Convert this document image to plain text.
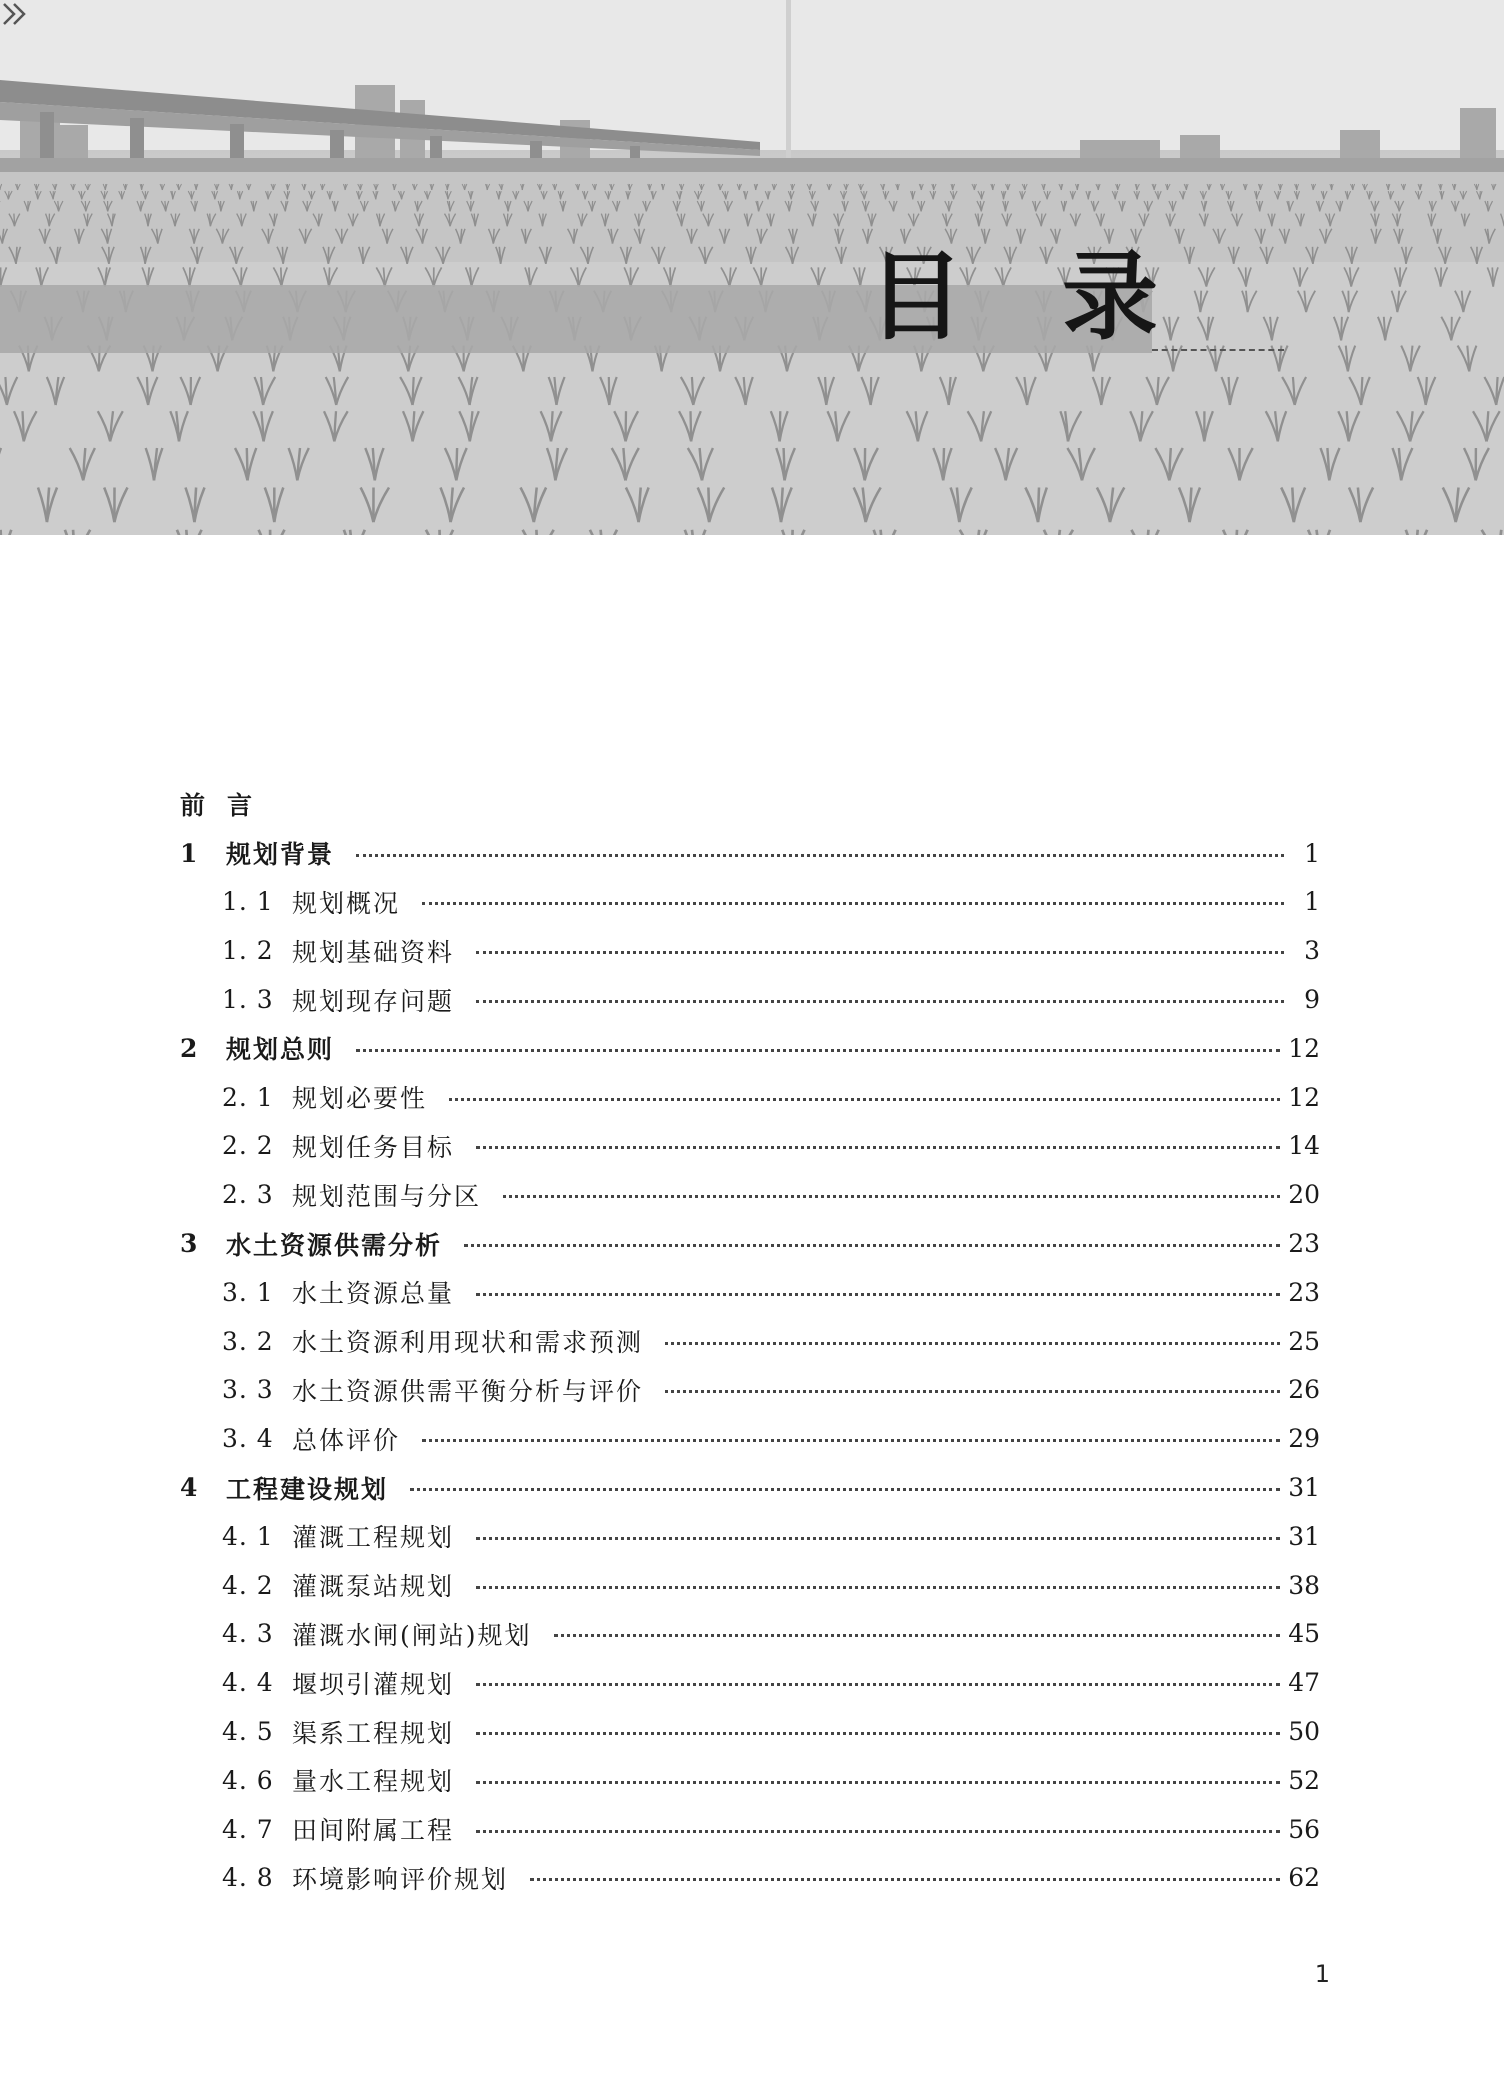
目 录
前言
1	规划背景	1
1. 1 规划概况	1
1. 2 规划基础资料	3
1. 3 规划现存问题	9
2	规划总则	12
2. 1 规划必要性	12
2. 2 规划任务目标	14
2. 3 规划范围与分区	20
3	水土资源供需分析	23
3. 1 水土资源总量	23
3. 2 水土资源利用现状和需求预测	25
3. 3 水土资源供需平衡分析与评价	26
3. 4 总体评价	29
4	工程建设规划	31
4. 1 灌溉工程规划	31
4. 2 灌溉泵站规划	38
4. 3 灌溉水闸(闸站)规划	45
4. 4 堰坝引灌规划	47
4. 5 渠系工程规划	50
4. 6 量水工程规划	52
4. 7 田间附属工程	56
4. 8 环境影响评价规划	62
1
